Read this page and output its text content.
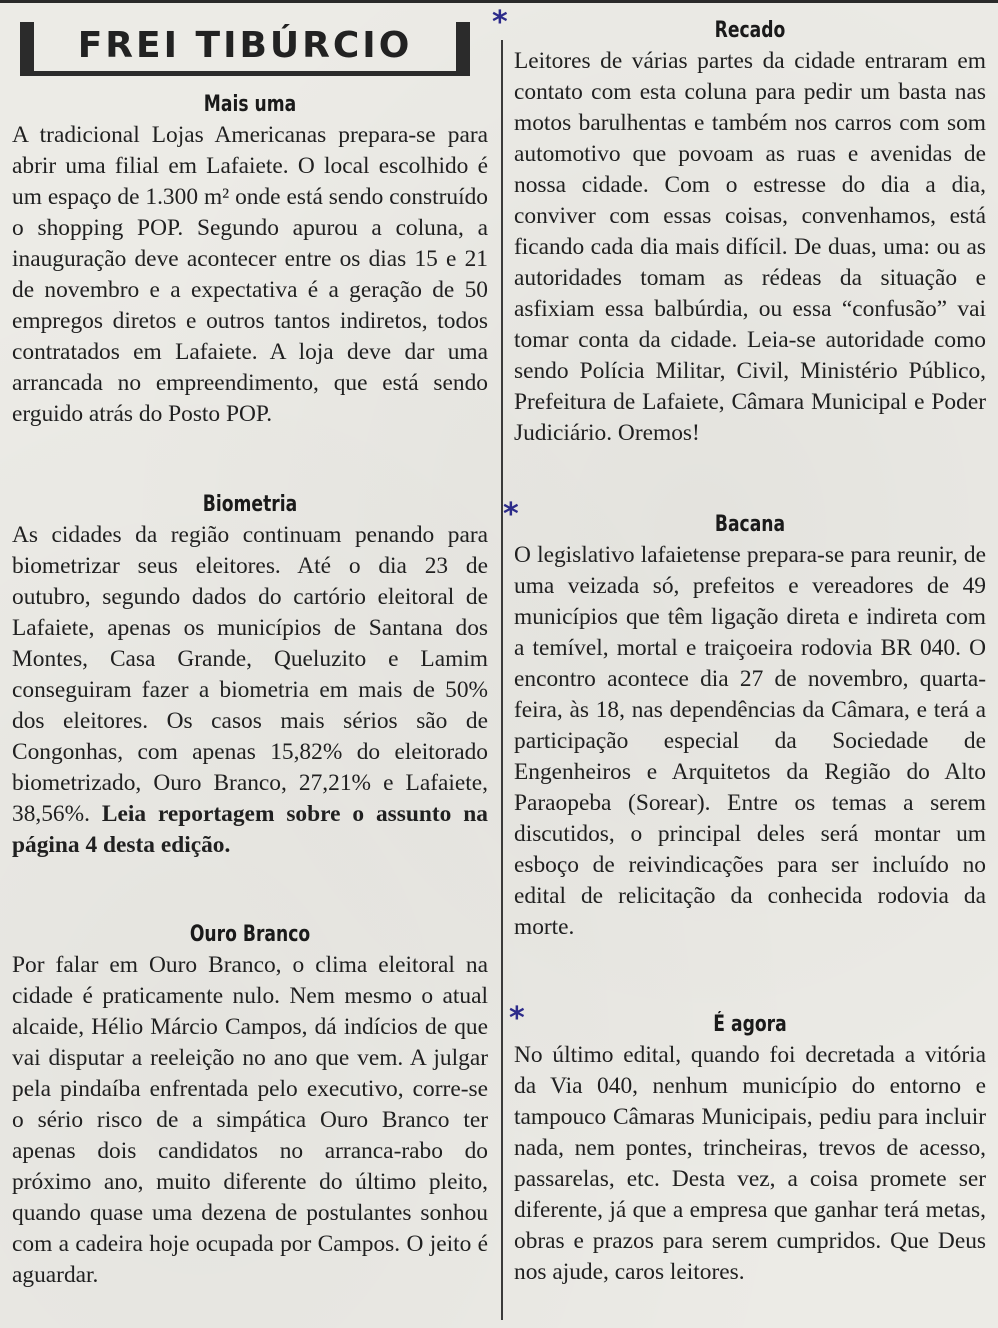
FREI TIBÚRCIO
Mais uma

A tradicional Lojas Americanas prepara-se para abrir uma filial em Lafaiete. O local escolhido é um espaço de 1.300 m² onde está sendo construído o shopping POP. Segundo apurou a coluna, a inauguração deve acontecer entre os dias 15 e 21 de novembro e a expectativa é a geração de 50 empregos diretos e outros tantos indiretos, todos contratados em Lafaiete. A loja deve dar uma arrancada no empreendimento, que está sendo erguido atrás do Posto POP.

Biometria

As cidades da região continuam penando para biometrizar seus eleitores. Até o dia 23 de outubro, segundo dados do cartório eleitoral de Lafaiete, apenas os municípios de Santana dos Montes, Casa Grande, Queluzito e Lamim conseguiram fazer a biometria em mais de 50% dos eleitores. Os casos mais sérios são de Congonhas, com apenas 15,82% do eleitorado biometrizado, Ouro Branco, 27,21% e Lafaiete, 38,56%. Leia reportagem sobre o assunto na página 4 desta edição.

Ouro Branco

Por falar em Ouro Branco, o clima eleitoral na cidade é praticamente nulo. Nem mesmo o atual alcaide, Hélio Márcio Campos, dá indícios de que vai disputar a reeleição no ano que vem. A julgar pela pindaíba enfrentada pelo executivo, corre-se o sério risco de a simpática Ouro Branco ter apenas dois candidatos no arranca-rabo do próximo ano, muito diferente do último pleito, quando quase uma dezena de postulantes sonhou com a cadeira hoje ocupada por Campos. O jeito é aguardar.

Recado

Leitores de várias partes da cidade entraram em contato com esta coluna para pedir um basta nas motos barulhentas e também nos carros com som automotivo que povoam as ruas e avenidas de nossa cidade. Com o estresse do dia a dia, conviver com essas coisas, convenhamos, está ficando cada dia mais difícil. De duas, uma: ou as autoridades tomam as rédeas da situação e asfixiam essa balbúrdia, ou essa “confusão” vai tomar conta da cidade. Leia-se autoridade como sendo Polícia Militar, Civil, Ministério Público, Prefeitura de Lafaiete, Câmara Municipal e Poder Judiciário. Oremos!

Bacana

O legislativo lafaietense prepara-se para reunir, de uma veizada só, prefeitos e vereadores de 49 municípios que têm ligação direta e indireta com a temível, mortal e traiçoeira rodovia BR 040. O encontro acontece dia 27 de novembro, quarta-feira, às 18, nas dependências da Câmara, e terá a participação especial da Sociedade de Engenheiros e Arquitetos da Região do Alto Paraopeba (Sorear). Entre os temas a serem discutidos, o principal deles será montar um esboço de reivindicações para ser incluído no edital de relicitação da conhecida rodovia da morte.

É agora

No último edital, quando foi decretada a vitória da Via 040, nenhum município do entorno e tampouco Câmaras Municipais, pediu para incluir nada, nem pontes, trincheiras, trevos de acesso, passarelas, etc. Desta vez, a coisa promete ser diferente, já que a empresa que ganhar terá metas, obras e prazos para serem cumpridos. Que Deus nos ajude, caros leitores.

*
*
*
